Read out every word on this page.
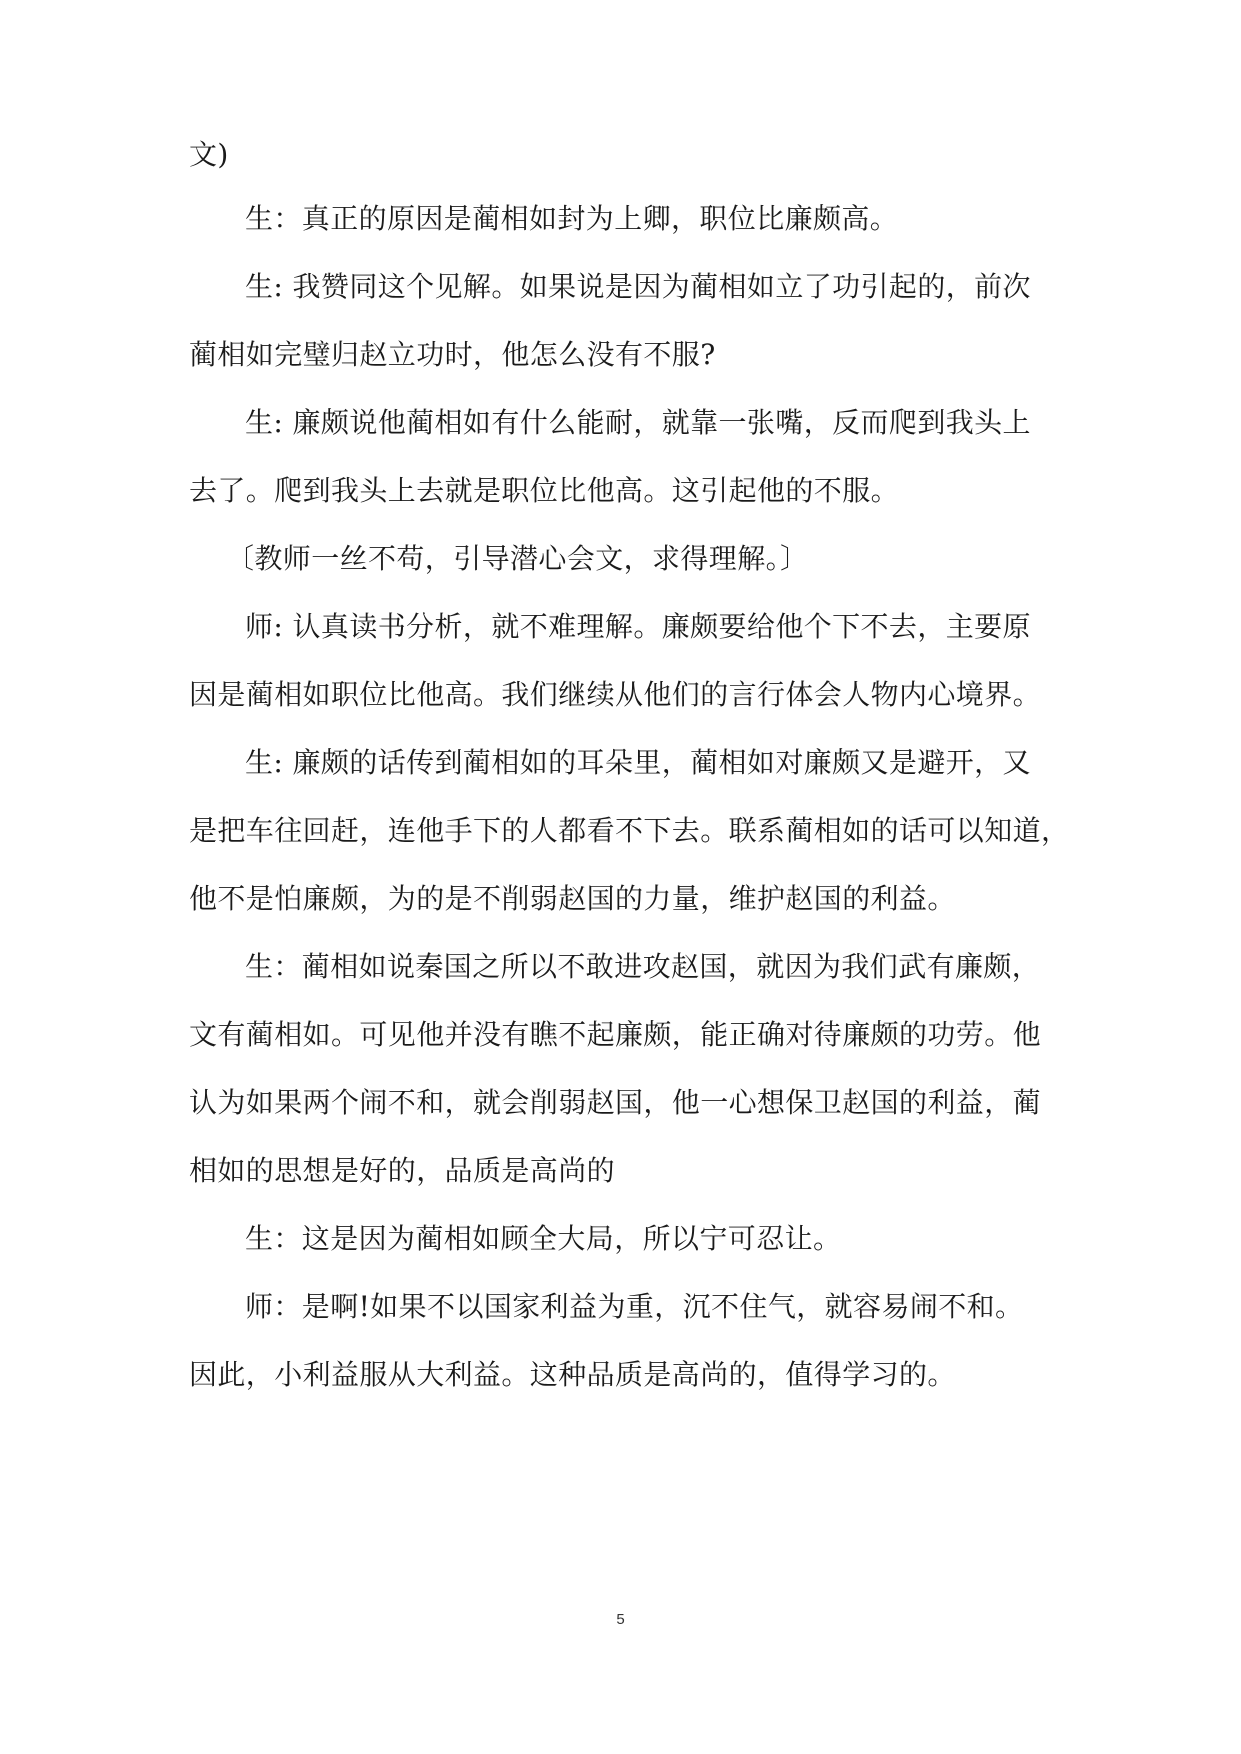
文)
生：真正的原因是蔺相如封为上卿，职位比廉颇高。
生: 我赞同这个见解。如果说是因为蔺相如立了功引起的，前次
蔺相如完璧归赵立功时，他怎么没有不服?
生: 廉颇说他蔺相如有什么能耐，就靠一张嘴，反而爬到我头上
去了。爬到我头上去就是职位比他高。这引起他的不服。
〔教师一丝不苟，引导潜心会文，求得理解。〕
师: 认真读书分析，就不难理解。廉颇要给他个下不去，主要原
因是蔺相如职位比他高。我们继续从他们的言行体会人物内心境界。
生: 廉颇的话传到蔺相如的耳朵里，蔺相如对廉颇又是避开，又
是把车往回赶，连他手下的人都看不下去。联系蔺相如的话可以知道，
他不是怕廉颇，为的是不削弱赵国的力量，维护赵国的利益。
生：蔺相如说秦国之所以不敢进攻赵国，就因为我们武有廉颇，
文有蔺相如。可见他并没有瞧不起廉颇，能正确对待廉颇的功劳。他
认为如果两个闹不和，就会削弱赵国，他一心想保卫赵国的利益，蔺
相如的思想是好的，品质是高尚的
生：这是因为蔺相如顾全大局，所以宁可忍让。
师：是啊!如果不以国家利益为重，沉不住气，就容易闹不和。
因此，小利益服从大利益。这种品质是高尚的，值得学习的。
5
